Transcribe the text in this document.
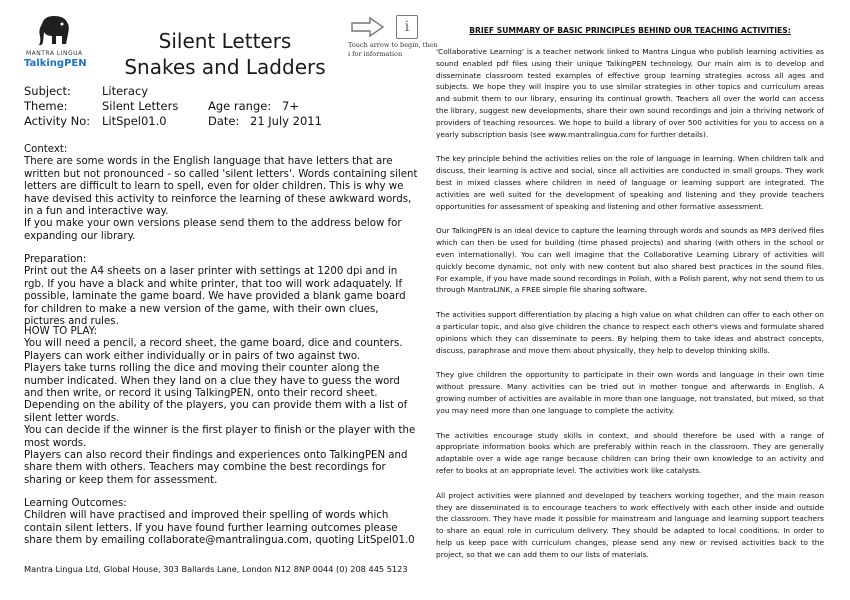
MANTRA LINGUA
TalkingPEN
Silent Letters
Snakes and Ladders
i
Touch arrow to begin, then i for information
Subject:	Literacy
Theme:	Silent Letters	Age range: 7+
Activity No: LitSpel01.0	Date: 21 July 2011

Context:

There are some words in the English language that have letters that are written but not pronounced - so called 'silent letters'. Words containing silent letters are difficult to learn to spell, even for older children. This is why we have devised this activity to reinforce the learning of these awkward words, in a fun and interactive way.

If you make your own versions please send them to the address below for expanding our library.

Preparation:

Print out the A4 sheets on a laser printer with settings at 1200 dpi and in rgb. If you have a black and white printer, that too will work adaquately. If possible, laminate the game board. We have provided a blank game board for children to make a new version of the game, with their own clues, pictures and rules.

HOW TO PLAY:

You will need a pencil, a record sheet, the game board, dice and counters.

Players can work either individually or in pairs of two against two.

Players take turns rolling the dice and moving their counter along the number indicated. When they land on a clue they have to guess the word and then write, or record it using TalkingPEN, onto their record sheet.

Depending on the ability of the players, you can provide them with a list of silent letter words.

You can decide if the winner is the first player to finish or the player with the most words.

Players can also record their findings and experiences onto TalkingPEN and share them with others. Teachers may combine the best recordings for sharing or keep them for assessment.

Learning Outcomes:

Children will have practised and improved their spelling of words which contain silent letters. If you have found further learning outcomes please share them by emailing collaborate@mantralingua.com, quoting LitSpel01.0

Mantra Lingua Ltd, Global House, 303 Ballards Lane, London N12 8NP 0044 (0) 208 445 5123
BRIEF SUMMARY OF BASIC PRINCIPLES BEHIND OUR TEACHING ACTIVITIES:

'Collaborative Learning' is a teacher network linked to Mantra Lingua who publish learning activities as sound enabled pdf files using their unique TalkingPEN technology. Our main aim is to develop and disseminate classroom tested examples of effective group learning strategies across all ages and subjects. We hope they will inspire you to use similar strategies in other topics and curriculum areas and submit them to our library, ensuring its continual growth. Teachers all over the world can access the library, suggest new developments, share their own sound recordings and join a thriving network of providers of teaching resources. We hope to build a library of over 500 activities for you to access on a yearly subscription basis (see www.mantralingua.com for further details).

The key principle behind the activities relies on the role of language in learning. When children talk and discuss, their learning is active and social, since all activities are conducted in small groups. They work best in mixed classes where children in need of language or learning support are integrated. The activities are well suited for the development of speaking and listening and they provide teachers opportunities for assessment of speaking and listening and other formative assessment.

Our TalkingPEN is an ideal device to capture the learning through words and sounds as MP3 derived files which can then be used for building (time phased projects) and sharing (with others in the school or even internationally). You can well imagine that the Collaborative Learning Library of activities will quickly become dynamic, not only with new content but also shared best practices in the sound files. For example, if you have made sound recordings in Polish, with a Polish parent, why not send them to us through MantraLINK, a FREE simple file sharing software.

The activities support differentiation by placing a high value on what children can offer to each other on a particular topic, and also give children the chance to respect each other's views and formulate shared opinions which they can disseminate to peers. By helping them to take ideas and abstract concepts, discuss, paraphrase and move them about physically, they help to develop thinking skills.

They give children the opportunity to participate in their own words and language in their own time without pressure. Many activities can be tried out in mother tongue and afterwards in English. A growing number of activities are available in more than one language, not translated, but mixed, so that you may need more than one language to complete the activity.

The activities encourage study skills in context, and should therefore be used with a range of appropriate information books which are preferably within reach in the classroom. They are generally adaptable over a wide age range because children can bring their own knowledge to an activity and refer to books at an appropriate level. The activities work like catalysts.

All project activities were planned and developed by teachers working together, and the main reason they are disseminated is to encourage teachers to work effectively with each other inside and outside the classroom. They have made it possible for mainstream and language and learning support teachers to share an equal role in curriculum delivery. They should be adapted to local conditions. In order to help us keep pace with curriculum changes, please send any new or revised activities back to the project, so that we can add them to our lists of materials.
